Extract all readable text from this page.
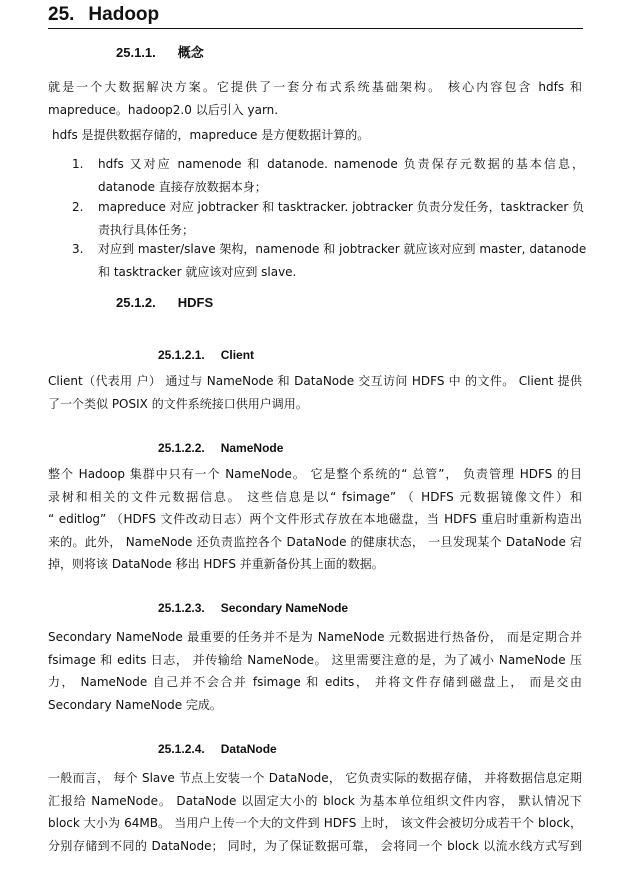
25. Hadoop
25.1.1. 概念
就是一个大数据解决方案。它提供了一套分布式系统基础架构。 核心内容包含 hdfs 和
mapreduce。hadoop2.0 以后引入 yarn.
hdfs 是提供数据存储的，mapreduce 是方便数据计算的。
1. hdfs 又对应 namenode 和 datanode. namenode 负责保存元数据的基本信息，
datanode 直接存放数据本身；
2. mapreduce 对应 jobtracker 和 tasktracker. jobtracker 负责分发任务，tasktracker 负
责执行具体任务；
3. 对应到 master/slave 架构，namenode 和 jobtracker 就应该对应到 master, datanode
和 tasktracker 就应该对应到 slave.
25.1.2. HDFS
25.1.2.1. Client
Client（代表用 户） 通过与 NameNode 和 DataNode 交互访问 HDFS 中 的文件。 Client 提供
了一个类似 POSIX 的文件系统接口供用户调用。
25.1.2.2. NameNode
整个 Hadoop 集群中只有一个 NameNode。 它是整个系统的“ 总管”， 负责管理 HDFS 的目
录树和相关的文件元数据信息。 这些信息是以“ fsimage” （ HDFS 元数据镜像文件）和
“ editlog” （HDFS 文件改动日志）两个文件形式存放在本地磁盘，当 HDFS 重启时重新构造出
来的。此外， NameNode 还负责监控各个 DataNode 的健康状态， 一旦发现某个 DataNode 宕
掉，则将该 DataNode 移出 HDFS 并重新备份其上面的数据。
25.1.2.3. Secondary NameNode
Secondary NameNode 最重要的任务并不是为 NameNode 元数据进行热备份， 而是定期合并
fsimage 和 edits 日志， 并传输给 NameNode。 这里需要注意的是，为了减小 NameNode 压
力， NameNode 自己并不会合并 fsimage 和 edits， 并将文件存储到磁盘上， 而是交由
Secondary NameNode 完成。
25.1.2.4. DataNode
一般而言， 每个 Slave 节点上安装一个 DataNode， 它负责实际的数据存储， 并将数据信息定期
汇报给 NameNode。 DataNode 以固定大小的 block 为基本单位组织文件内容， 默认情况下
block 大小为 64MB。 当用户上传一个大的文件到 HDFS 上时， 该文件会被切分成若干个 block，
分别存储到不同的 DataNode； 同时，为了保证数据可靠， 会将同一个 block 以流水线方式写到
